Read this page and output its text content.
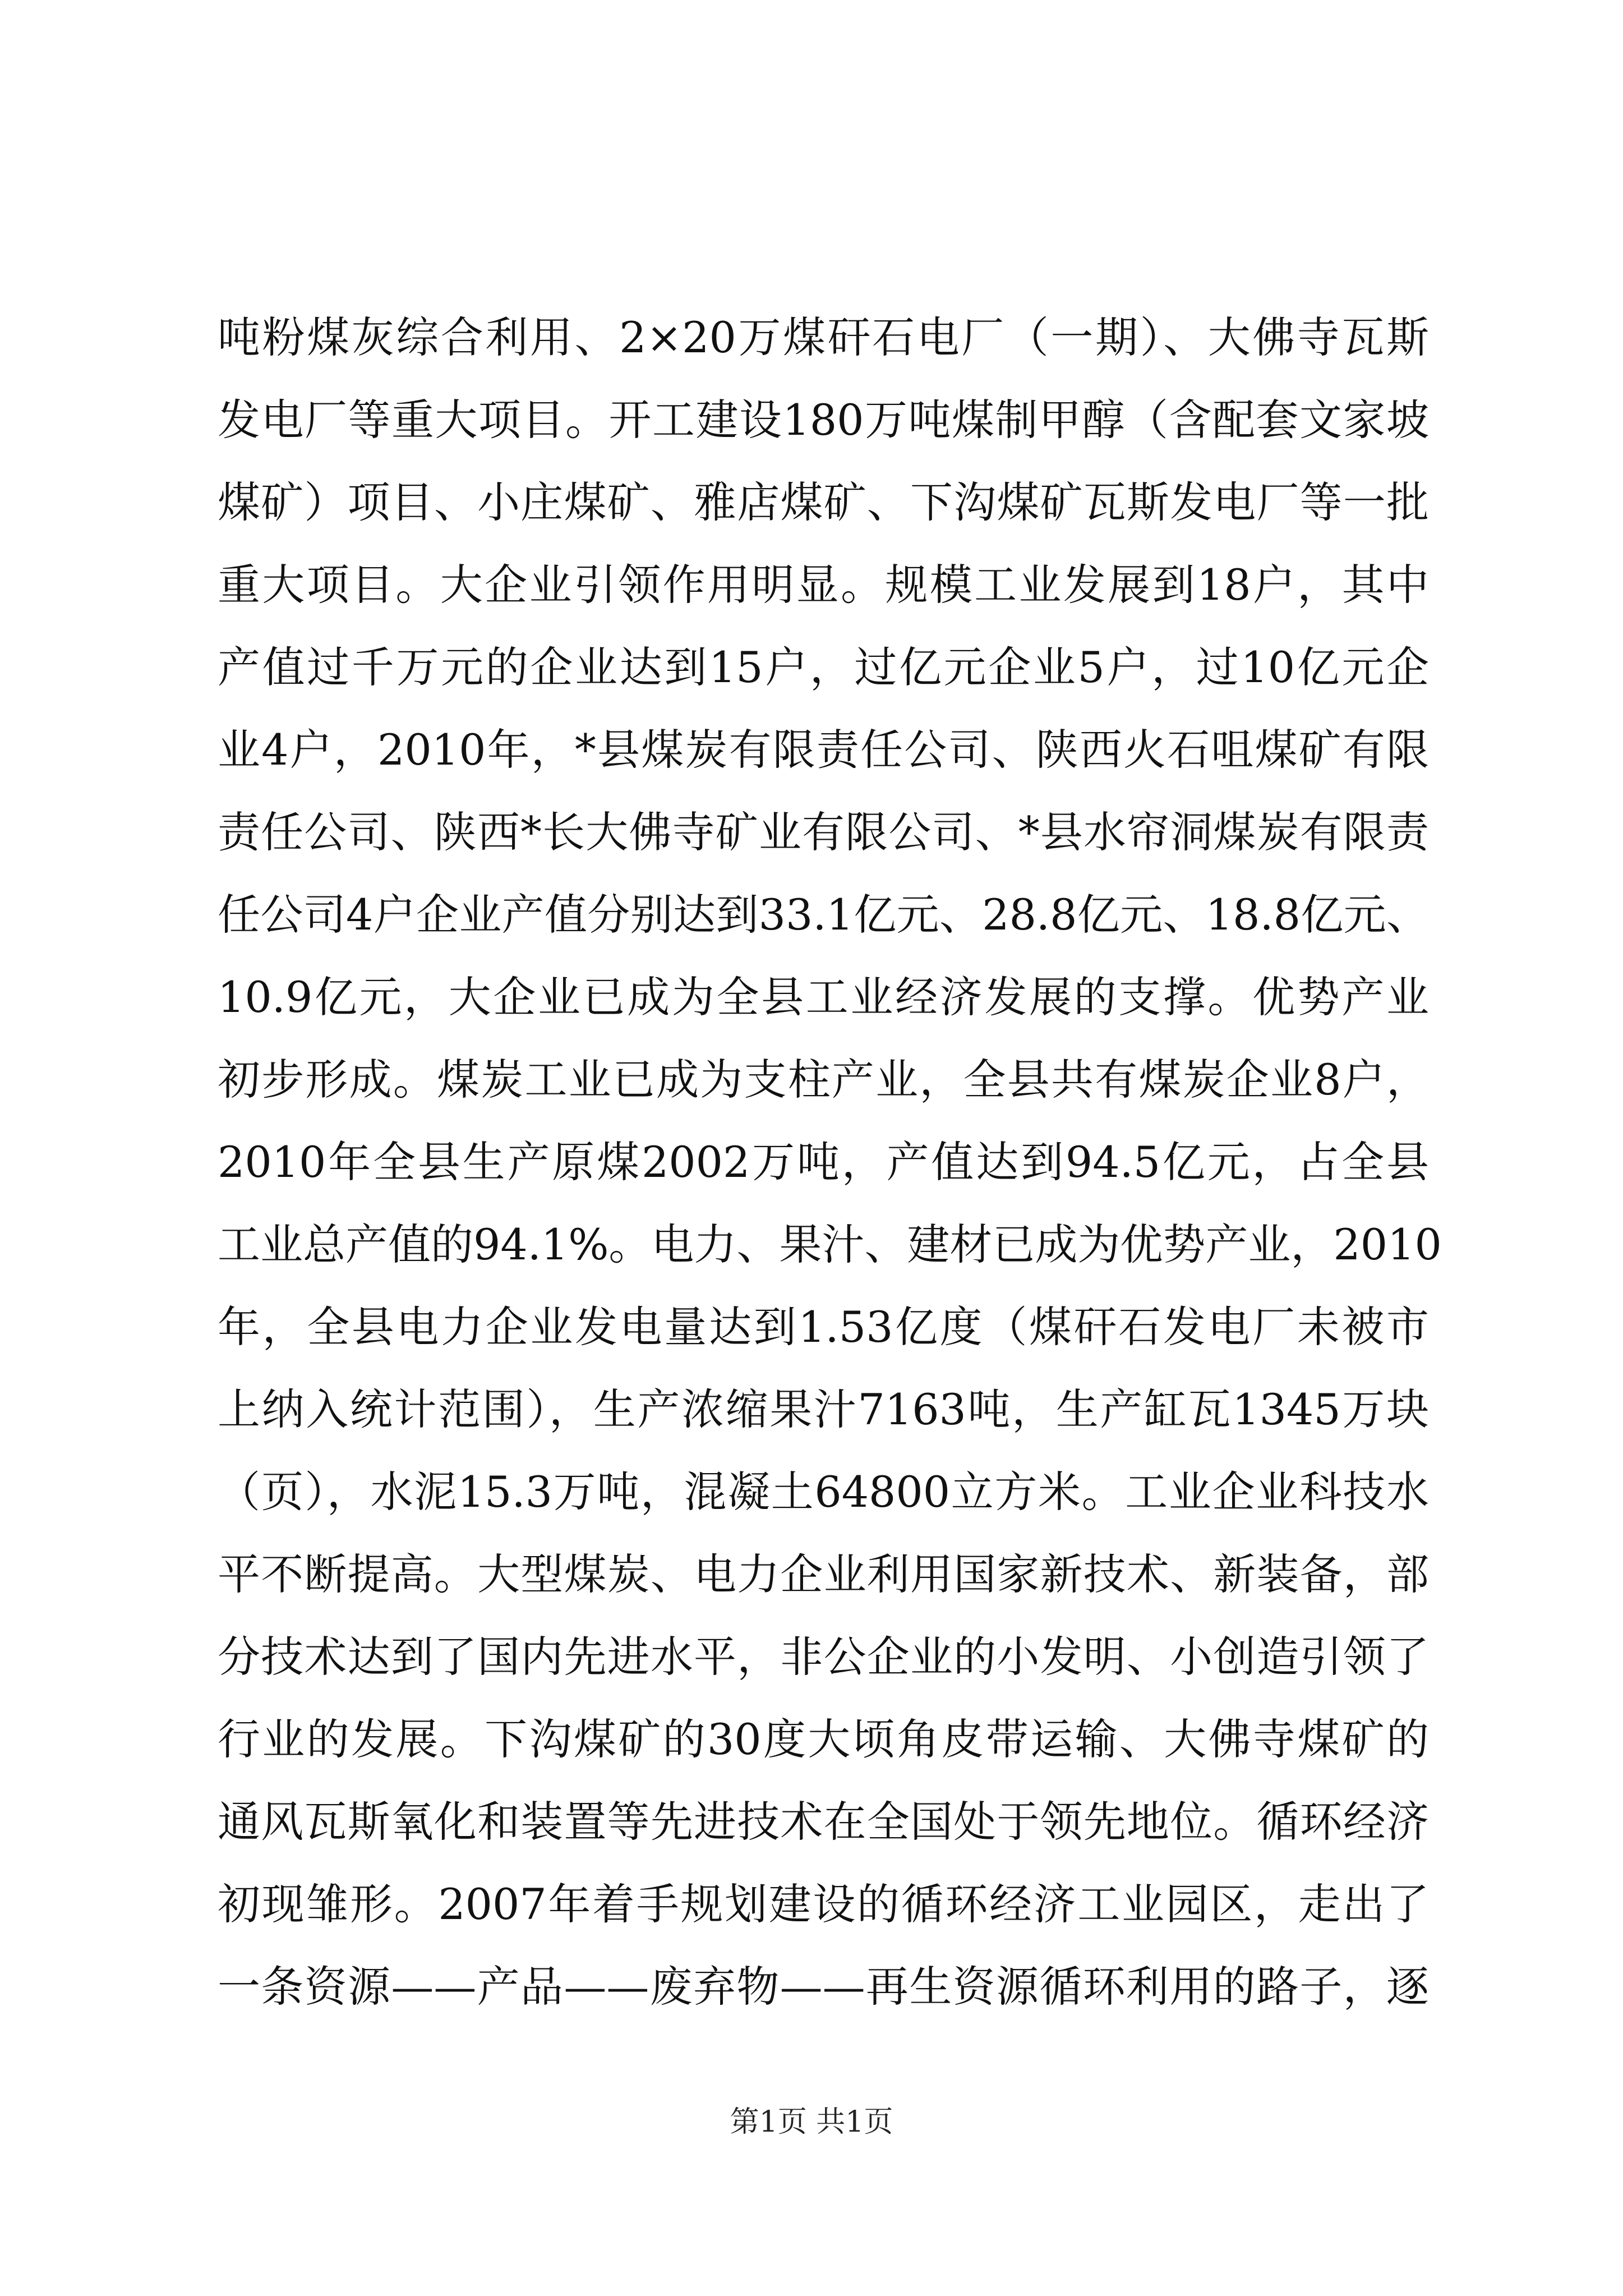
吨粉煤灰综合利用、2×20万煤矸石电厂（一期）、大佛寺瓦斯
发电厂等重大项目。开工建设180万吨煤制甲醇（含配套文家坡
煤矿）项目、小庄煤矿、雅店煤矿、下沟煤矿瓦斯发电厂等一批
重大项目。大企业引领作用明显。规模工业发展到18户，其中
产值过千万元的企业达到15户，过亿元企业5户，过10亿元企
业4户，2010年，*县煤炭有限责任公司、陕西火石咀煤矿有限
责任公司、陕西*长大佛寺矿业有限公司、*县水帘洞煤炭有限责
任公司4户企业产值分别达到33.1亿元、28.8亿元、18.8亿元、
10.9亿元，大企业已成为全县工业经济发展的支撑。优势产业
初步形成。煤炭工业已成为支柱产业，全县共有煤炭企业8户，
2010年全县生产原煤2002万吨，产值达到94.5亿元，占全县
工业总产值的94.1%。电力、果汁、建材已成为优势产业，2010
年，全县电力企业发电量达到1.53亿度（煤矸石发电厂未被市
上纳入统计范围），生产浓缩果汁7163吨，生产缸瓦1345万块
（页），水泥15.3万吨，混凝土64800立方米。工业企业科技水
平不断提高。大型煤炭、电力企业利用国家新技术、新装备，部
分技术达到了国内先进水平，非公企业的小发明、小创造引领了
行业的发展。下沟煤矿的30度大顷角皮带运输、大佛寺煤矿的
通风瓦斯氧化和装置等先进技术在全国处于领先地位。循环经济
初现雏形。2007年着手规划建设的循环经济工业园区，走出了
一条资源——产品——废弃物——再生资源循环利用的路子，逐
第1页 共1页
